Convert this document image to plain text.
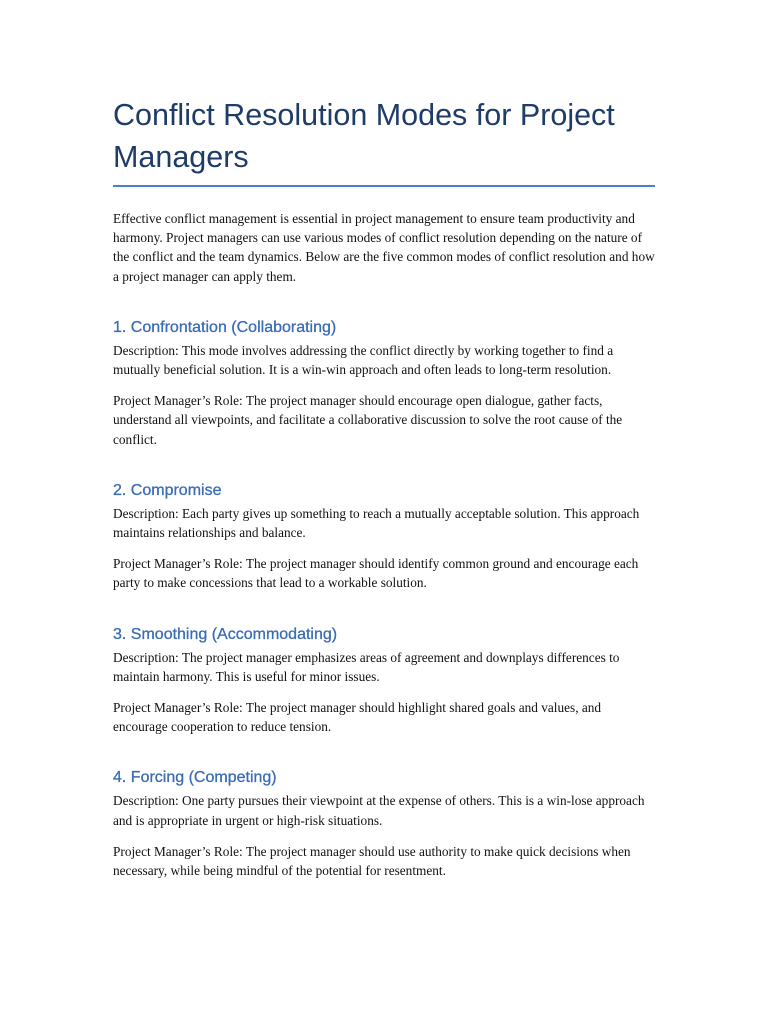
Conflict Resolution Modes for Project Managers

Effective conflict management is essential in project management to ensure team productivity and harmony. Project managers can use various modes of conflict resolution depending on the nature of the conflict and the team dynamics. Below are the five common modes of conflict resolution and how a project manager can apply them.

1. Confrontation (Collaborating)

Description: This mode involves addressing the conflict directly by working together to find a mutually beneficial solution. It is a win-win approach and often leads to long-term resolution.

Project Manager’s Role: The project manager should encourage open dialogue, gather facts, understand all viewpoints, and facilitate a collaborative discussion to solve the root cause of the conflict.

2. Compromise

Description: Each party gives up something to reach a mutually acceptable solution. This approach maintains relationships and balance.

Project Manager’s Role: The project manager should identify common ground and encourage each party to make concessions that lead to a workable solution.

3. Smoothing (Accommodating)

Description: The project manager emphasizes areas of agreement and downplays differences to maintain harmony. This is useful for minor issues.

Project Manager’s Role: The project manager should highlight shared goals and values, and encourage cooperation to reduce tension.

4. Forcing (Competing)

Description: One party pursues their viewpoint at the expense of others. This is a win-lose approach and is appropriate in urgent or high-risk situations.

Project Manager’s Role: The project manager should use authority to make quick decisions when necessary, while being mindful of the potential for resentment.
